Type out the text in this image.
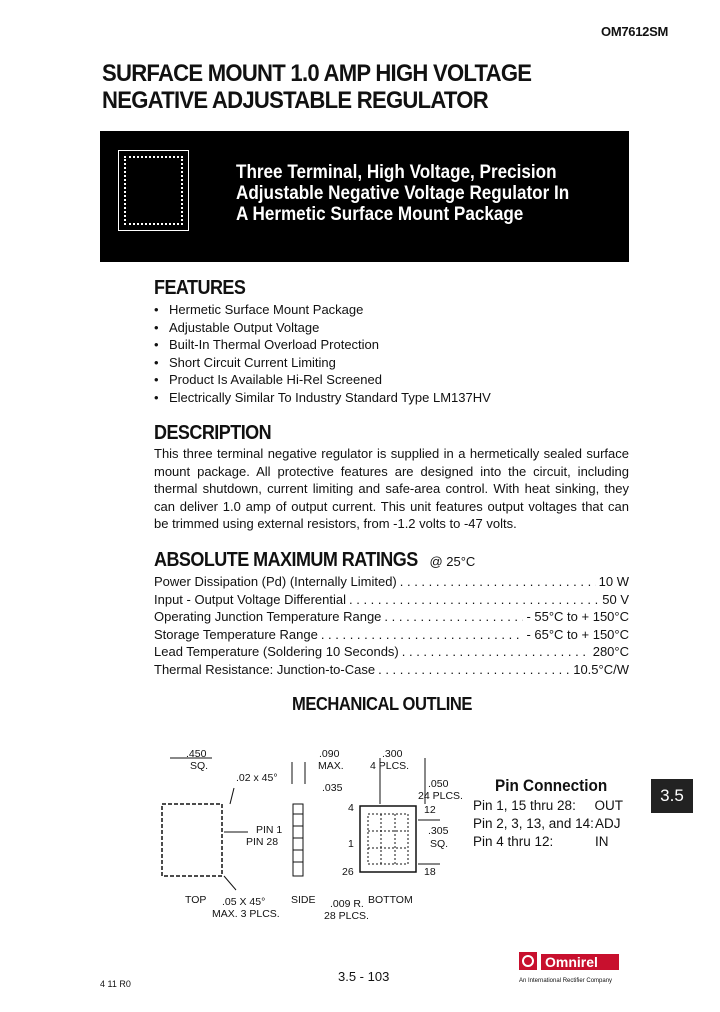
OM7612SM
SURFACE MOUNT 1.0 AMP HIGH VOLTAGE
NEGATIVE ADJUSTABLE REGULATOR
Three Terminal, High Voltage, Precision
Adjustable Negative Voltage Regulator In
A Hermetic Surface Mount Package
FEATURES
• Hermetic Surface Mount Package
• Adjustable Output Voltage
• Built-In Thermal Overload Protection
• Short Circuit Current Limiting
• Product Is Available Hi-Rel Screened
• Electrically Similar To Industry Standard Type LM137HV
DESCRIPTION
This three terminal negative regulator is supplied in a hermetically sealed surface mount package. All protective features are designed into the circuit, including thermal shutdown, current limiting and safe-area control. With heat sinking, they can deliver 1.0 amp of output current. This unit features output voltages that can be trimmed using external resistors, from -1.2 volts to -47 volts.
ABSOLUTE MAXIMUM RATINGS @ 25°C
Power Dissipation (Pd) (Internally Limited) . . .	10 W
Input - Output Voltage Differential . . .	50 V
Operating Junction Temperature Range . . .	- 55°C to + 150°C
Storage Temperature Range . . .	- 65°C to + 150°C
Lead Temperature (Soldering 10 Seconds) . . .	280°C
Thermal Resistance: Junction-to-Case . . .	10.5°C/W
MECHANICAL OUTLINE
.450
SQ.
.02 x 45°
PIN 1
PIN 28
TOP .05 X 45°
MAX. 3 PLCS.
.090
MAX.
.035
SIDE
.300
4 PLCS.
.050
24 PLCS.
.305
SQ.
4	12
1
26	18
BOTTOM
.009 R.
28 PLCS.
Pin Connection
Pin 1, 15 thru 28:	OUT
Pin 2, 3, 13, and 14: ADJ
Pin 4 thru 12:	IN
3.5
4 11 R0	3.5 - 103
Omnirel
An International Rectifier Company
